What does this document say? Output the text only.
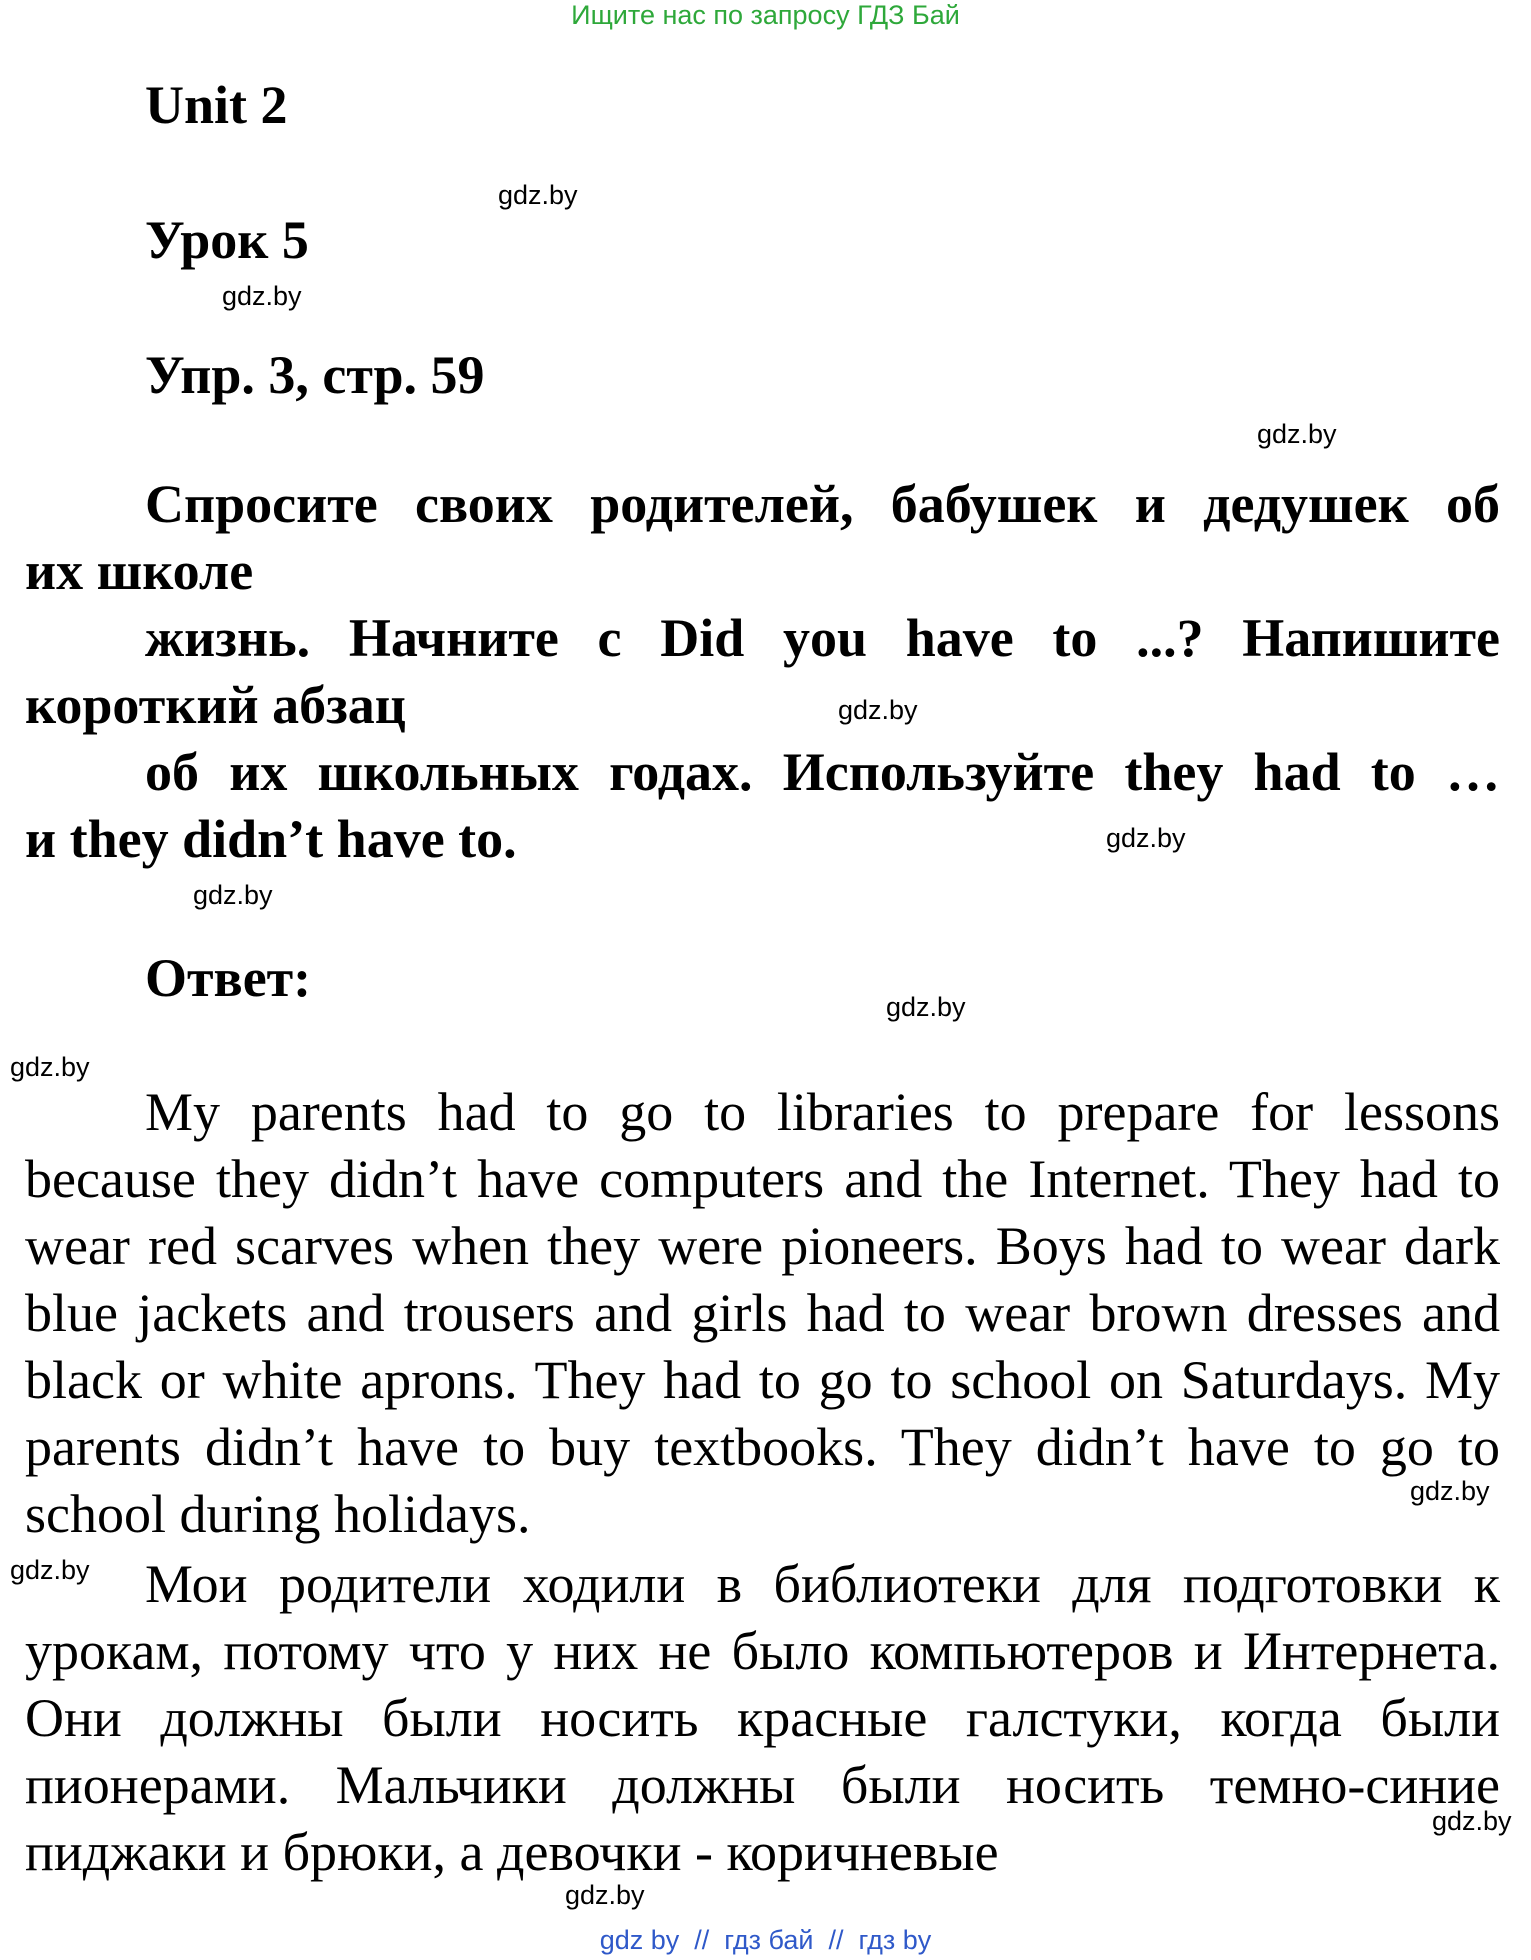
Ищите нас по запросу ГДЗ Бай
Unit 2
Урок 5
Упр. 3, стр. 59

Спросите своих родителей, бабушек и дедушек об

их школе

жизнь. Начните с Did you have to ...? Напишите

короткий абзац

об их школьных годах. Используйте they had to …

и they didn’t have to.

Ответ:

My parents had to go to libraries to prepare for lessons because they didn’t have computers and the Internet. They had to wear red scarves when they were pioneers. Boys had to wear dark blue jackets and trousers and girls had to wear brown dresses and black or white aprons. They had to go to school on Saturdays. My parents didn’t have to buy textbooks. They didn’t have to go to school during holidays.

Мои родители ходили в библиотеки для подготовки к урокам, потому что у них не было компьютеров и Интернета. Они должны были носить красные галстуки, когда были пионерами. Мальчики должны были носить темно-синие пиджаки и брюки, а девочки - коричневые

gdz.by
gdz.by
gdz.by
gdz.by
gdz.by
gdz.by
gdz.by
gdz.by
gdz.by
gdz.by
gdz.by
gdz.by
gdz by  //  гдз бай  //  гдз by
